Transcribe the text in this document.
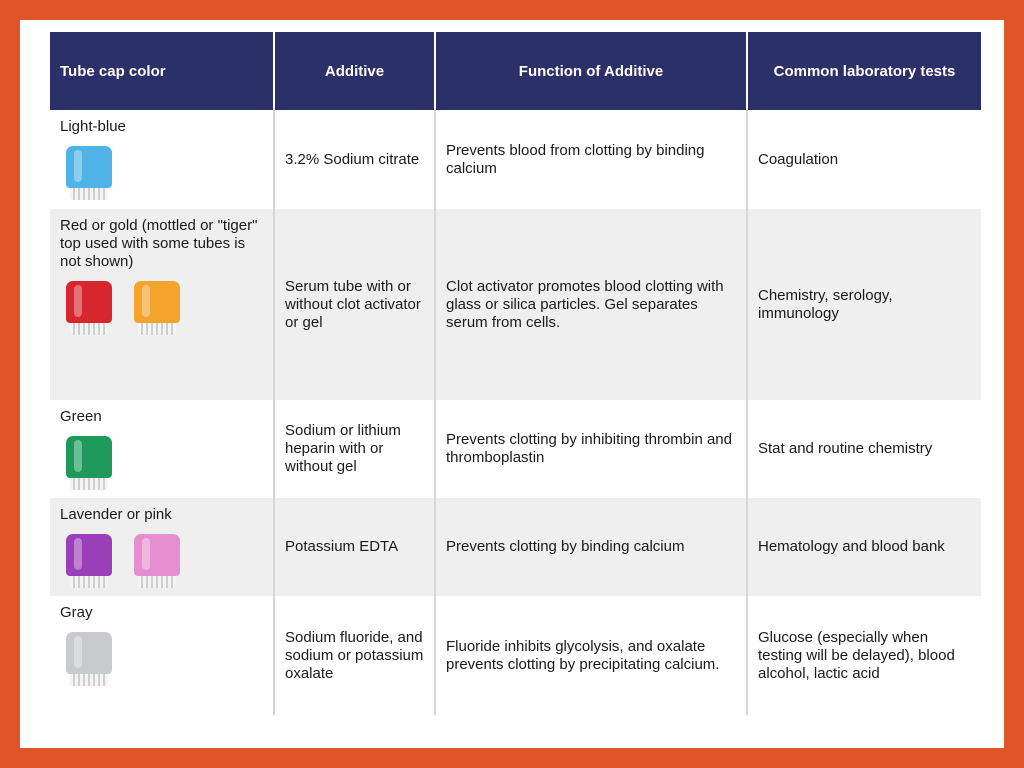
Tube cap color	Additive	Function of Additive	Common laboratory tests

Light-blue	3.2% Sodium citrate	Prevents blood from clotting by binding calcium	Coagulation

Red or gold (mottled or "tiger" top used with some tubes is not shown)	Serum tube with or without clot activator or gel	Clot activator promotes blood clotting with glass or silica particles. Gel separates serum from cells.	Chemistry, serology, immunology

Green	Sodium or lithium heparin with or without gel	Prevents clotting by inhibiting thrombin and thromboplastin	Stat and routine chemistry

Lavender or pink	Potassium EDTA	Prevents clotting by binding calcium	Hematology and blood bank

Gray	Sodium fluoride, and sodium or potassium oxalate	Fluoride inhibits glycolysis, and oxalate prevents clotting by precipitating calcium.	Glucose (especially when testing will be delayed), blood alcohol, lactic acid
